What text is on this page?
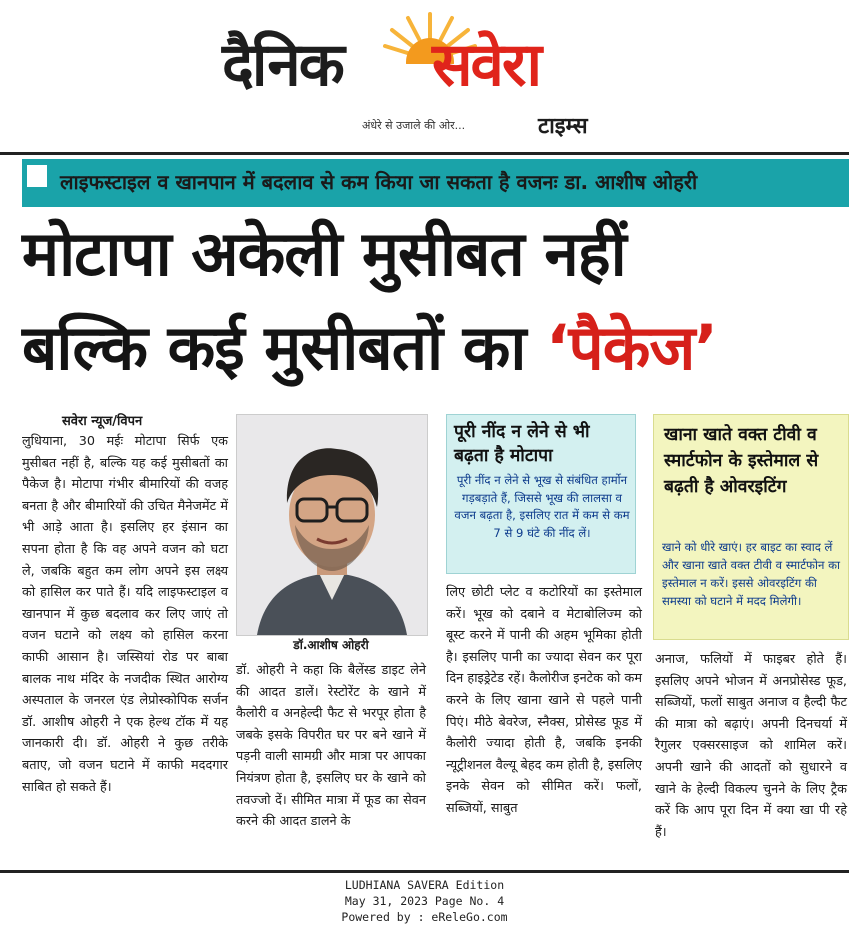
दैनिक सवेरा
अंधेरे से उजाले की ओर...	टाइम्स
लाइफस्टाइल व खानपान में बदलाव से कम किया जा सकता है वजनः डा. आशीष ओहरी
मोटापा अकेली मुसीबत नहीं
बल्कि कई मुसीबतों का ‘पैकेज’
सवेरा न्यूज/विपन

लुधियाना, 30 मईः मोटापा सिर्फ एक मुसीबत नहीं है, बल्कि यह कई मुसीबतों का पैकेज है। मोटापा गंभीर बीमारियों की वजह बनता है और बीमारियों की उचित मैनेजमेंट में भी आड़े आता है। इसलिए हर इंसान का सपना होता है कि वह अपने वजन को घटा ले, जबकि बहुत कम लोग अपने इस लक्ष्य को हासिल कर पाते हैं। यदि लाइफस्टाइल व खानपान में कुछ बदलाव कर लिए जाएं तो वजन घटाने को लक्ष्य को हासिल करना काफी आसान है। जस्सियां रोड पर बाबा बालक नाथ मंदिर के नजदीक स्थित आरोग्य अस्पताल के जनरल एंड लेप्रोस्कोपिक सर्जन डॉ. आशीष ओहरी ने एक हेल्थ टॉक में यह जानकारी दी। डॉ. ओहरी ने कुछ तरीके बताए, जो वजन घटाने में काफी मददगार साबित हो सकते हैं।

डॉ.आशीष ओहरी

डॉ. ओहरी ने कहा कि बैलेंस्ड डाइट लेने की आदत डालें। रेस्टोरेंट के खाने में कैलोरी व अनहेल्दी फैट से भरपूर होता है जबके इसके विपरीत घर पर बने खाने में पड़नी वाली सामग्री और मात्रा पर आपका नियंत्रण होता है, इसलिए घर के खाने को तवज्जो दें। सीमित मात्रा में फूड का सेवन करने की आदत डालने के

पूरी नींद न लेने से भी बढ़ता है मोटापा
पूरी नींद न लेने से भूख से संबंधित हार्मोन गड़बड़ाते हैं, जिससे भूख की लालसा व वजन बढ़ता है, इसलिए रात में कम से कम 7 से 9 घंटे की नींद लें।

लिए छोटी प्लेट व कटोरियों का इस्तेमाल करें। भूख को दबाने व मेटाबोलिज्म को बूस्ट करने में पानी की अहम भूमिका होती है। इसलिए पानी का ज्यादा सेवन कर पूरा दिन हाइड्रेटेड रहें। कैलोरीज इनटेक को कम करने के लिए खाना खाने से पहले पानी पिएं। मीठे बेवरेज, स्नैक्स, प्रोसेस्ड फूड में कैलोरी ज्यादा होती है, जबकि इनकी न्यूट्रीशनल वैल्यू बेहद कम होती है, इसलिए इनके सेवन को सीमित करें। फलों, सब्जियों, साबुत

खाना खाते वक्त टीवी व स्मार्टफोन के इस्तेमाल से बढ़ती है ओवरइटिंग
खाने को धीरे खाएं। हर बाइट का स्वाद लें और खाना खाते वक्त टीवी व स्मार्टफोन का इस्तेमाल न करें। इससे ओवरइटिंग की समस्या को घटाने में मदद मिलेगी।

अनाज, फलियों में फाइबर होते हैं। इसलिए अपने भोजन में अनप्रोसेस्ड फूड, सब्जियों, फलों साबुत अनाज व हैल्दी फैट की मात्रा को बढ़ाएं। अपनी दिनचर्या में रैगुलर एक्सरसाइज को शामिल करें। अपनी खाने की आदतों को सुधारने व खाने के हेल्दी विकल्प चुनने के लिए ट्रैक करें कि आप पूरा दिन में क्या खा पी रहे हैं।

LUDHIANA SAVERA Edition
May 31, 2023 Page No. 4
Powered by : eReleGo.com
